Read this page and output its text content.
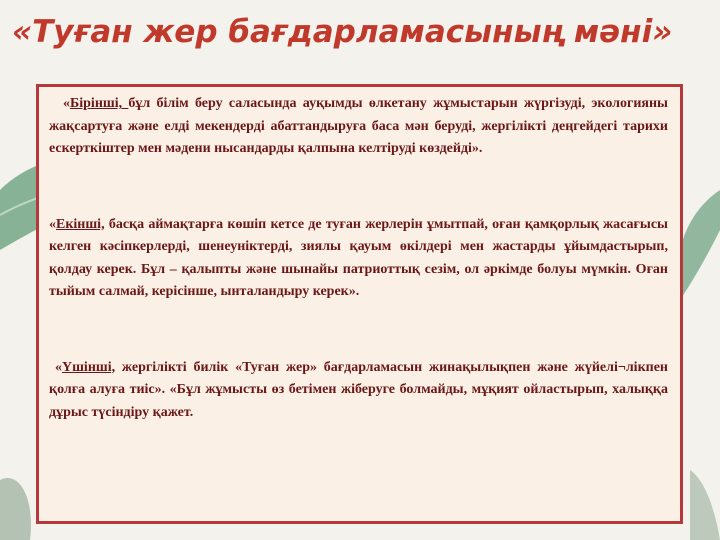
«Туған жер бағдарламасының мәні»

«Бірінші, бұл білім беру саласында ауқымды өлкетану жұмыстарын жүргізуді, экологияны жақсартуға және елді мекендерді абаттандыруға баса мән беруді, жергілікті деңгейдегі тарихи ескерткіштер мен мәдени нысандарды қалпына келтіруді көздейді».

«Екінші, басқа аймақтарға көшіп кетсе де туған жерлерін ұмытпай, оған қамқорлық жасағысы келген кәсіпкерлерді, шенеуніктерді, зиялы қауым өкілдері мен жастарды ұйымдастырып, қолдау керек. Бұл – қалыпты және шынайы патриоттық сезім, ол әркімде болуы мүмкін. Оған тыйым салмай, керісінше, ынталандыру керек».

«Үшінші, жергілікті билік «Туған жер» бағдарламасын жинақылықпен және жүйелі¬лікпен қолға алуға тиіс». «Бұл жұмысты өз бетімен жіберуге болмайды, мұқият ойластырып, халыққа дұрыс түсіндіру қажет.
